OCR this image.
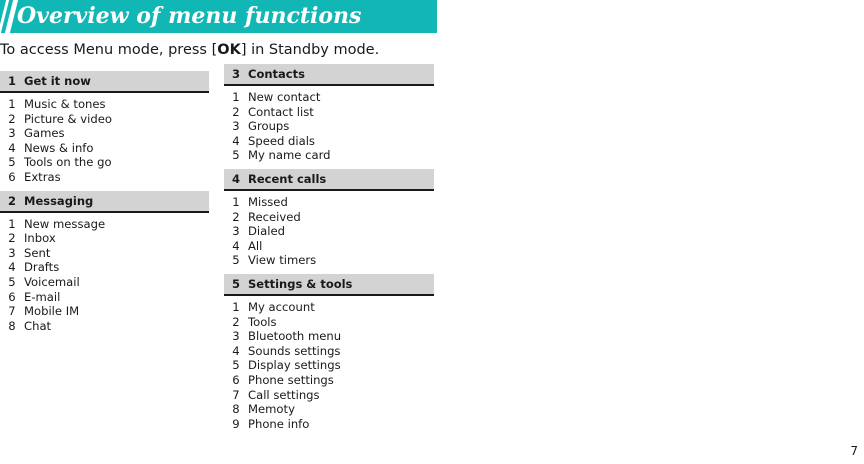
Overview of menu functions
To access Menu mode, press [OK] in Standby mode.
1 Get it now
1 Music & tones
2 Picture & video
3 Games
4 News & info
5 Tools on the go
6 Extras
2 Messaging
1 New message
2 Inbox
3 Sent
4 Drafts
5 Voicemail
6 E-mail
7 Mobile IM
8 Chat
3 Contacts
1 New contact
2 Contact list
3 Groups
4 Speed dials
5 My name card
4 Recent calls
1 Missed
2 Received
3 Dialed
4 All
5 View timers
5 Settings & tools
1 My account
2 Tools
3 Bluetooth menu
4 Sounds settings
5 Display settings
6 Phone settings
7 Call settings
8 Memoty
9 Phone info
7
